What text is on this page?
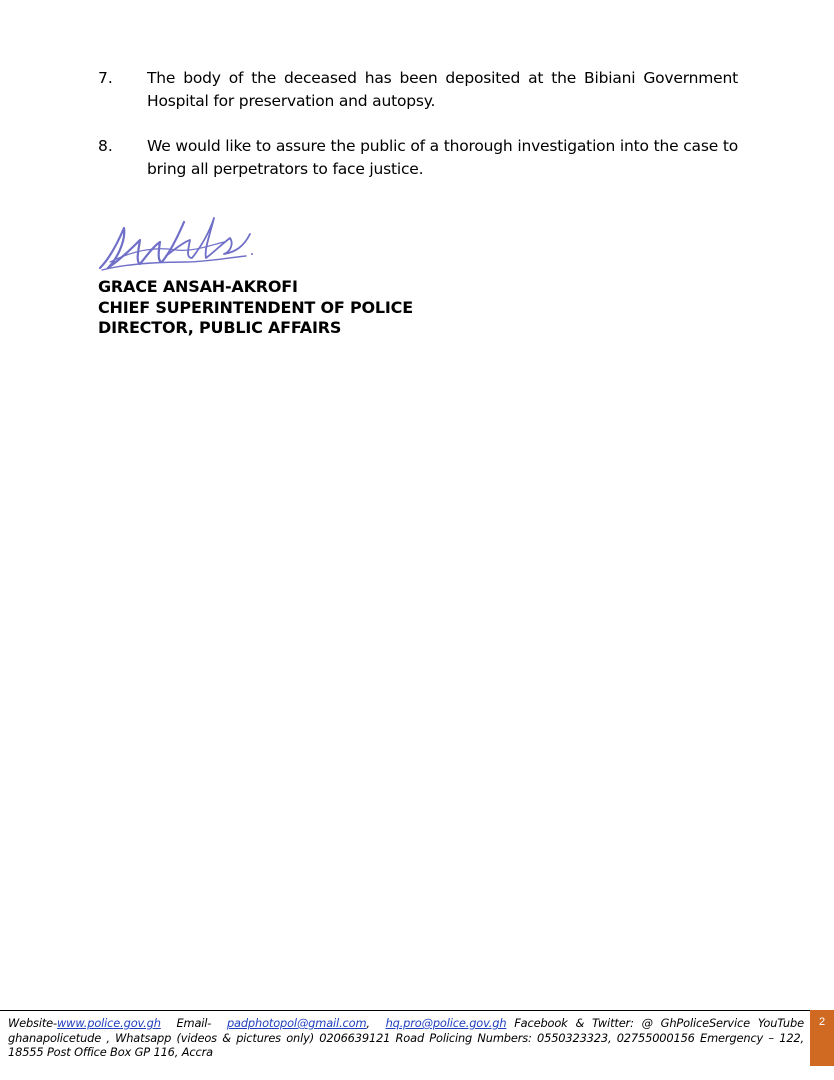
7. The body of the deceased has been deposited at the Bibiani Government Hospital for preservation and autopsy.
8. We would like to assure the public of a thorough investigation into the case to bring all perpetrators to face justice.
GRACE ANSAH-AKROFI
CHIEF SUPERINTENDENT OF POLICE
DIRECTOR, PUBLIC AFFAIRS
Website-www.police.gov.gh Email- padphotopol@gmail.com, hq.pro@police.gov.gh Facebook & Twitter: @ GhPoliceService YouTube ghanapolicetude , Whatsapp (videos & pictures only) 0206639121 Road Policing Numbers: 0550323323, 02755000156 Emergency – 122, 18555 Post Office Box GP 116, Accra
2
